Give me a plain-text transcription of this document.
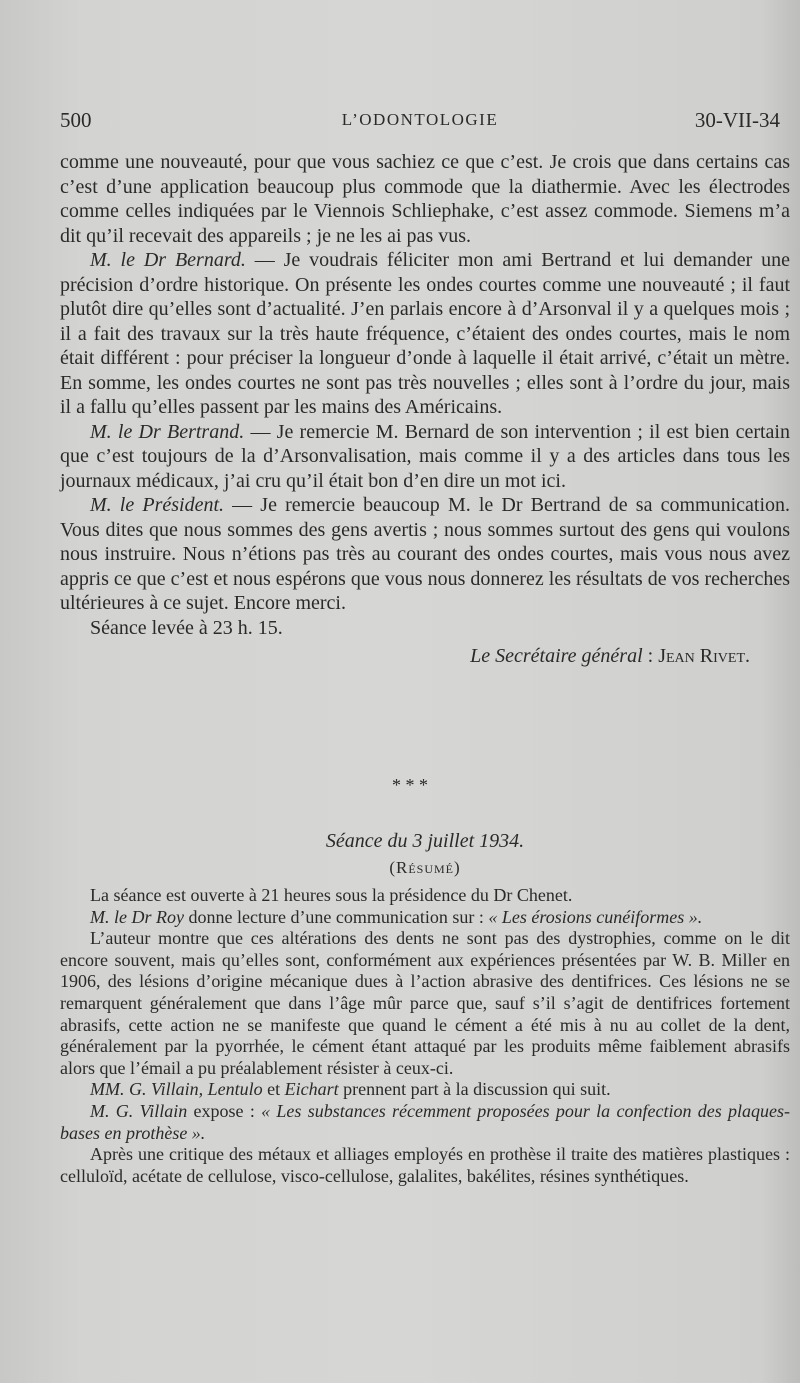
500	L’ODONTOLOGIE	30-VII-34

comme une nouveauté, pour que vous sachiez ce que c’est. Je crois que dans certains cas c’est d’une application beaucoup plus commode que la diathermie. Avec les électrodes comme celles indiquées par le Viennois Schliephake, c’est assez commode. Siemens m’a dit qu’il recevait des appareils ; je ne les ai pas vus.

M. le Dr Bernard. — Je voudrais féliciter mon ami Bertrand et lui demander une précision d’ordre historique. On présente les ondes courtes comme une nouveauté ; il faut plutôt dire qu’elles sont d’actualité. J’en parlais encore à d’Arsonval il y a quelques mois ; il a fait des travaux sur la très haute fréquence, c’étaient des ondes courtes, mais le nom était différent : pour préciser la longueur d’onde à laquelle il était arrivé, c’était un mètre. En somme, les ondes courtes ne sont pas très nouvelles ; elles sont à l’ordre du jour, mais il a fallu qu’elles passent par les mains des Américains.

M. le Dr Bertrand. — Je remercie M. Bernard de son intervention ; il est bien certain que c’est toujours de la d’Arsonvalisation, mais comme il y a des articles dans tous les journaux médicaux, j’ai cru qu’il était bon d’en dire un mot ici.

M. le Président. — Je remercie beaucoup M. le Dr Bertrand de sa communication. Vous dites que nous sommes des gens avertis ; nous sommes surtout des gens qui voulons nous instruire. Nous n’étions pas très au courant des ondes courtes, mais vous nous avez appris ce que c’est et nous espérons que vous nous donnerez les résultats de vos recherches ultérieures à ce sujet. Encore merci.

Séance levée à 23 h. 15.

Le Secrétaire général : Jean Rivet.

* * *
Séance du 3 juillet 1934.
(Résumé)

La séance est ouverte à 21 heures sous la présidence du Dr Chenet.

M. le Dr Roy donne lecture d’une communication sur : « Les érosions cunéiformes ».

L’auteur montre que ces altérations des dents ne sont pas des dystrophies, comme on le dit encore souvent, mais qu’elles sont, conformément aux expériences présentées par W. B. Miller en 1906, des lésions d’origine mécanique dues à l’action abrasive des dentifrices. Ces lésions ne se remarquent généralement que dans l’âge mûr parce que, sauf s’il s’agit de dentifrices fortement abrasifs, cette action ne se manifeste que quand le cément a été mis à nu au collet de la dent, généralement par la pyorrhée, le cément étant attaqué par les produits même faiblement abrasifs alors que l’émail a pu préalablement résister à ceux-ci.

MM. G. Villain, Lentulo et Eichart prennent part à la discussion qui suit.

M. G. Villain expose : « Les substances récemment proposées pour la confection des plaques-bases en prothèse ».

Après une critique des métaux et alliages employés en prothèse il traite des matières plastiques : celluloïd, acétate de cellulose, visco-cellulose, galalites, bakélites, résines synthétiques.
